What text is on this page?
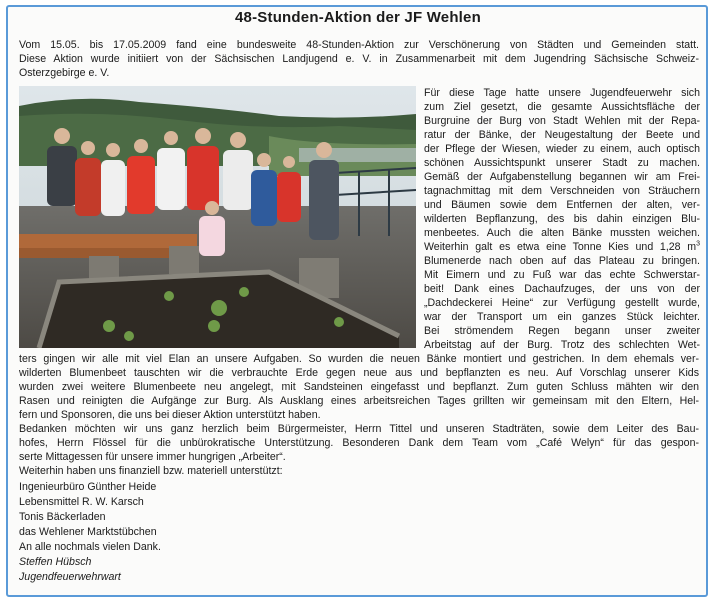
48-Stunden-Aktion der JF Wehlen
Vom 15.05. bis 17.05.2009 fand eine bundesweite 48-Stunden-Aktion zur Verschönerung von Städten und Gemeinden statt.
Diese Aktion wurde initiiert von der Sächsischen Landjugend e. V. in Zusammenarbeit mit dem Jugendring Sächsische Schweiz-
Osterzgebirge e. V.
Für diese Tage hatte unsere Jugendfeuerwehr sich
zum Ziel gesetzt, die gesamte Aussichtsfläche der
Burgruine der Burg von Stadt Wehlen mit der Repa-
ratur der Bänke, der Neugestaltung der Beete und
der Pflege der Wiesen, wieder zu einem, auch optisch
schönen Aussichtspunkt unserer Stadt zu machen.
Gemäß der Aufgabenstellung begannen wir am Frei-
tagnachmittag mit dem Verschneiden von Sträuchern
und Bäumen sowie dem Entfernen der alten, ver-
wilderten Bepflanzung, des bis dahin einzigen Blu-
menbeetes. Auch die alten Bänke mussten weichen.
Weiterhin galt es etwa eine Tonne Kies und 1,28 $m^3$
Blumenerde nach oben auf das Plateau zu bringen.
Mit Eimern und zu Fuß war das echte Schwerstar-
beit! Dank eines Dachaufzuges, der uns von der
„Dachdeckerei Heine“ zur Verfügung gestellt wurde,
war der Transport um ein ganzes Stück leichter.
Bei strömendem Regen begann unser zweiter
Arbeitstag auf der Burg. Trotz des schlechten Wet-
ters gingen wir alle mit viel Elan an unsere Aufgaben. So wurden die neuen Bänke montiert und gestrichen. In dem ehemals ver-
wilderten Blumenbeet tauschten wir die verbrauchte Erde gegen neue aus und bepflanzten es neu. Auf Vorschlag unserer Kids
wurden zwei weitere Blumenbeete neu angelegt, mit Sandsteinen eingefasst und bepflanzt. Zum guten Schluss mähten wir den
Rasen und reinigten die Aufgänge zur Burg. Als Ausklang eines arbeitsreichen Tages grillten wir gemeinsam mit den Eltern, Hel-
fern und Sponsoren, die uns bei dieser Aktion unterstützt haben.
Bedanken möchten wir uns ganz herzlich beim Bürgermeister, Herrn Tittel und unseren Stadträten, sowie dem Leiter des Bau-
hofes, Herrn Flössel für die unbürokratische Unterstützung. Besonderen Dank dem Team vom „Café Welyn“ für das gespon-
serte Mittagessen für unsere immer hungrigen „Arbeiter“.
Weiterhin haben uns finanziell bzw. materiell unterstützt:
Ingenieurbüro Günther Heide
Lebensmittel R. W. Karsch
Tonis Bäckerladen
das Wehlener Marktstübchen
An alle nochmals vielen Dank.
Steffen Hübsch
Jugendfeuerwehrwart
